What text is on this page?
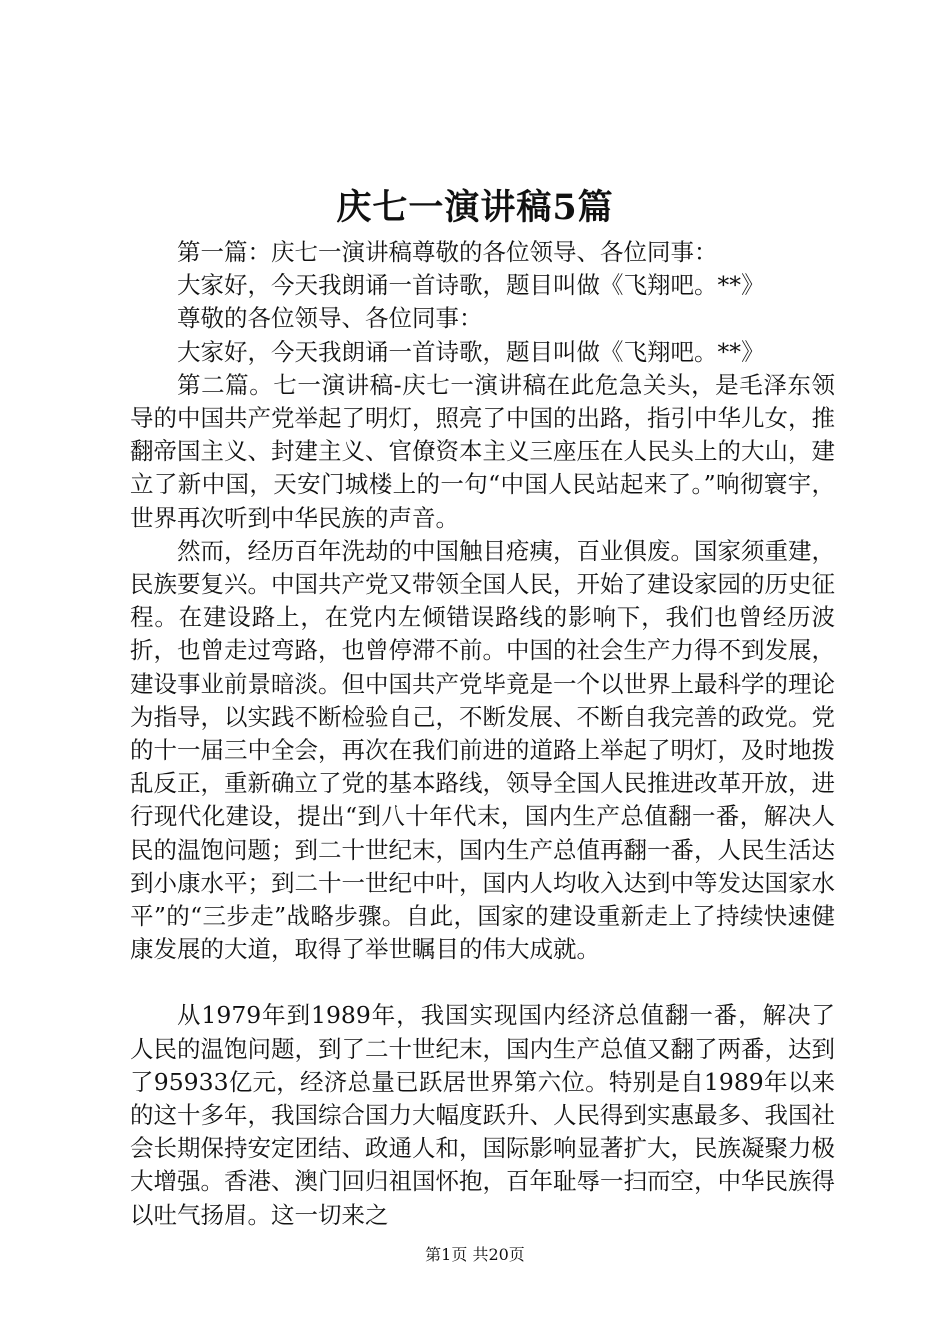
庆七一演讲稿5篇

第一篇：庆七一演讲稿尊敬的各位领导、各位同事：

大家好，今天我朗诵一首诗歌，题目叫做《飞翔吧。**》

尊敬的各位领导、各位同事：

大家好，今天我朗诵一首诗歌，题目叫做《飞翔吧。**》

第二篇。七一演讲稿-庆七一演讲稿在此危急关头，是毛泽东领导的中国共产党举起了明灯，照亮了中国的出路，指引中华儿女，推翻帝国主义、封建主义、官僚资本主义三座压在人民头上的大山，建立了新中国，天安门城楼上的一句“中国人民站起来了。”响彻寰宇，世界再次听到中华民族的声音。

然而，经历百年洗劫的中国触目疮痍，百业俱废。国家须重建，民族要复兴。中国共产党又带领全国人民，开始了建设家园的历史征程。在建设路上，在党内左倾错误路线的影响下，我们也曾经历波折，也曾走过弯路，也曾停滞不前。中国的社会生产力得不到发展，建设事业前景暗淡。但中国共产党毕竟是一个以世界上最科学的理论为指导，以实践不断检验自己，不断发展、不断自我完善的政党。党的十一届三中全会，再次在我们前进的道路上举起了明灯，及时地拨乱反正，重新确立了党的基本路线，领导全国人民推进改革开放，进行现代化建设，提出“到八十年代末，国内生产总值翻一番，解决人民的温饱问题；到二十世纪末，国内生产总值再翻一番，人民生活达到小康水平；到二十一世纪中叶，国内人均收入达到中等发达国家水平”的“三步走”战略步骤。自此，国家的建设重新走上了持续快速健康发展的大道，取得了举世瞩目的伟大成就。

从1979年到1989年，我国实现国内经济总值翻一番，解决了人民的温饱问题，到了二十世纪末，国内生产总值又翻了两番，达到了95933亿元，经济总量已跃居世界第六位。特别是自1989年以来的这十多年，我国综合国力大幅度跃升、人民得到实惠最多、我国社会长期保持安定团结、政通人和，国际影响显著扩大，民族凝聚力极大增强。香港、澳门回归祖国怀抱，百年耻辱一扫而空，中华民族得以吐气扬眉。这一切来之

第1页 共20页
